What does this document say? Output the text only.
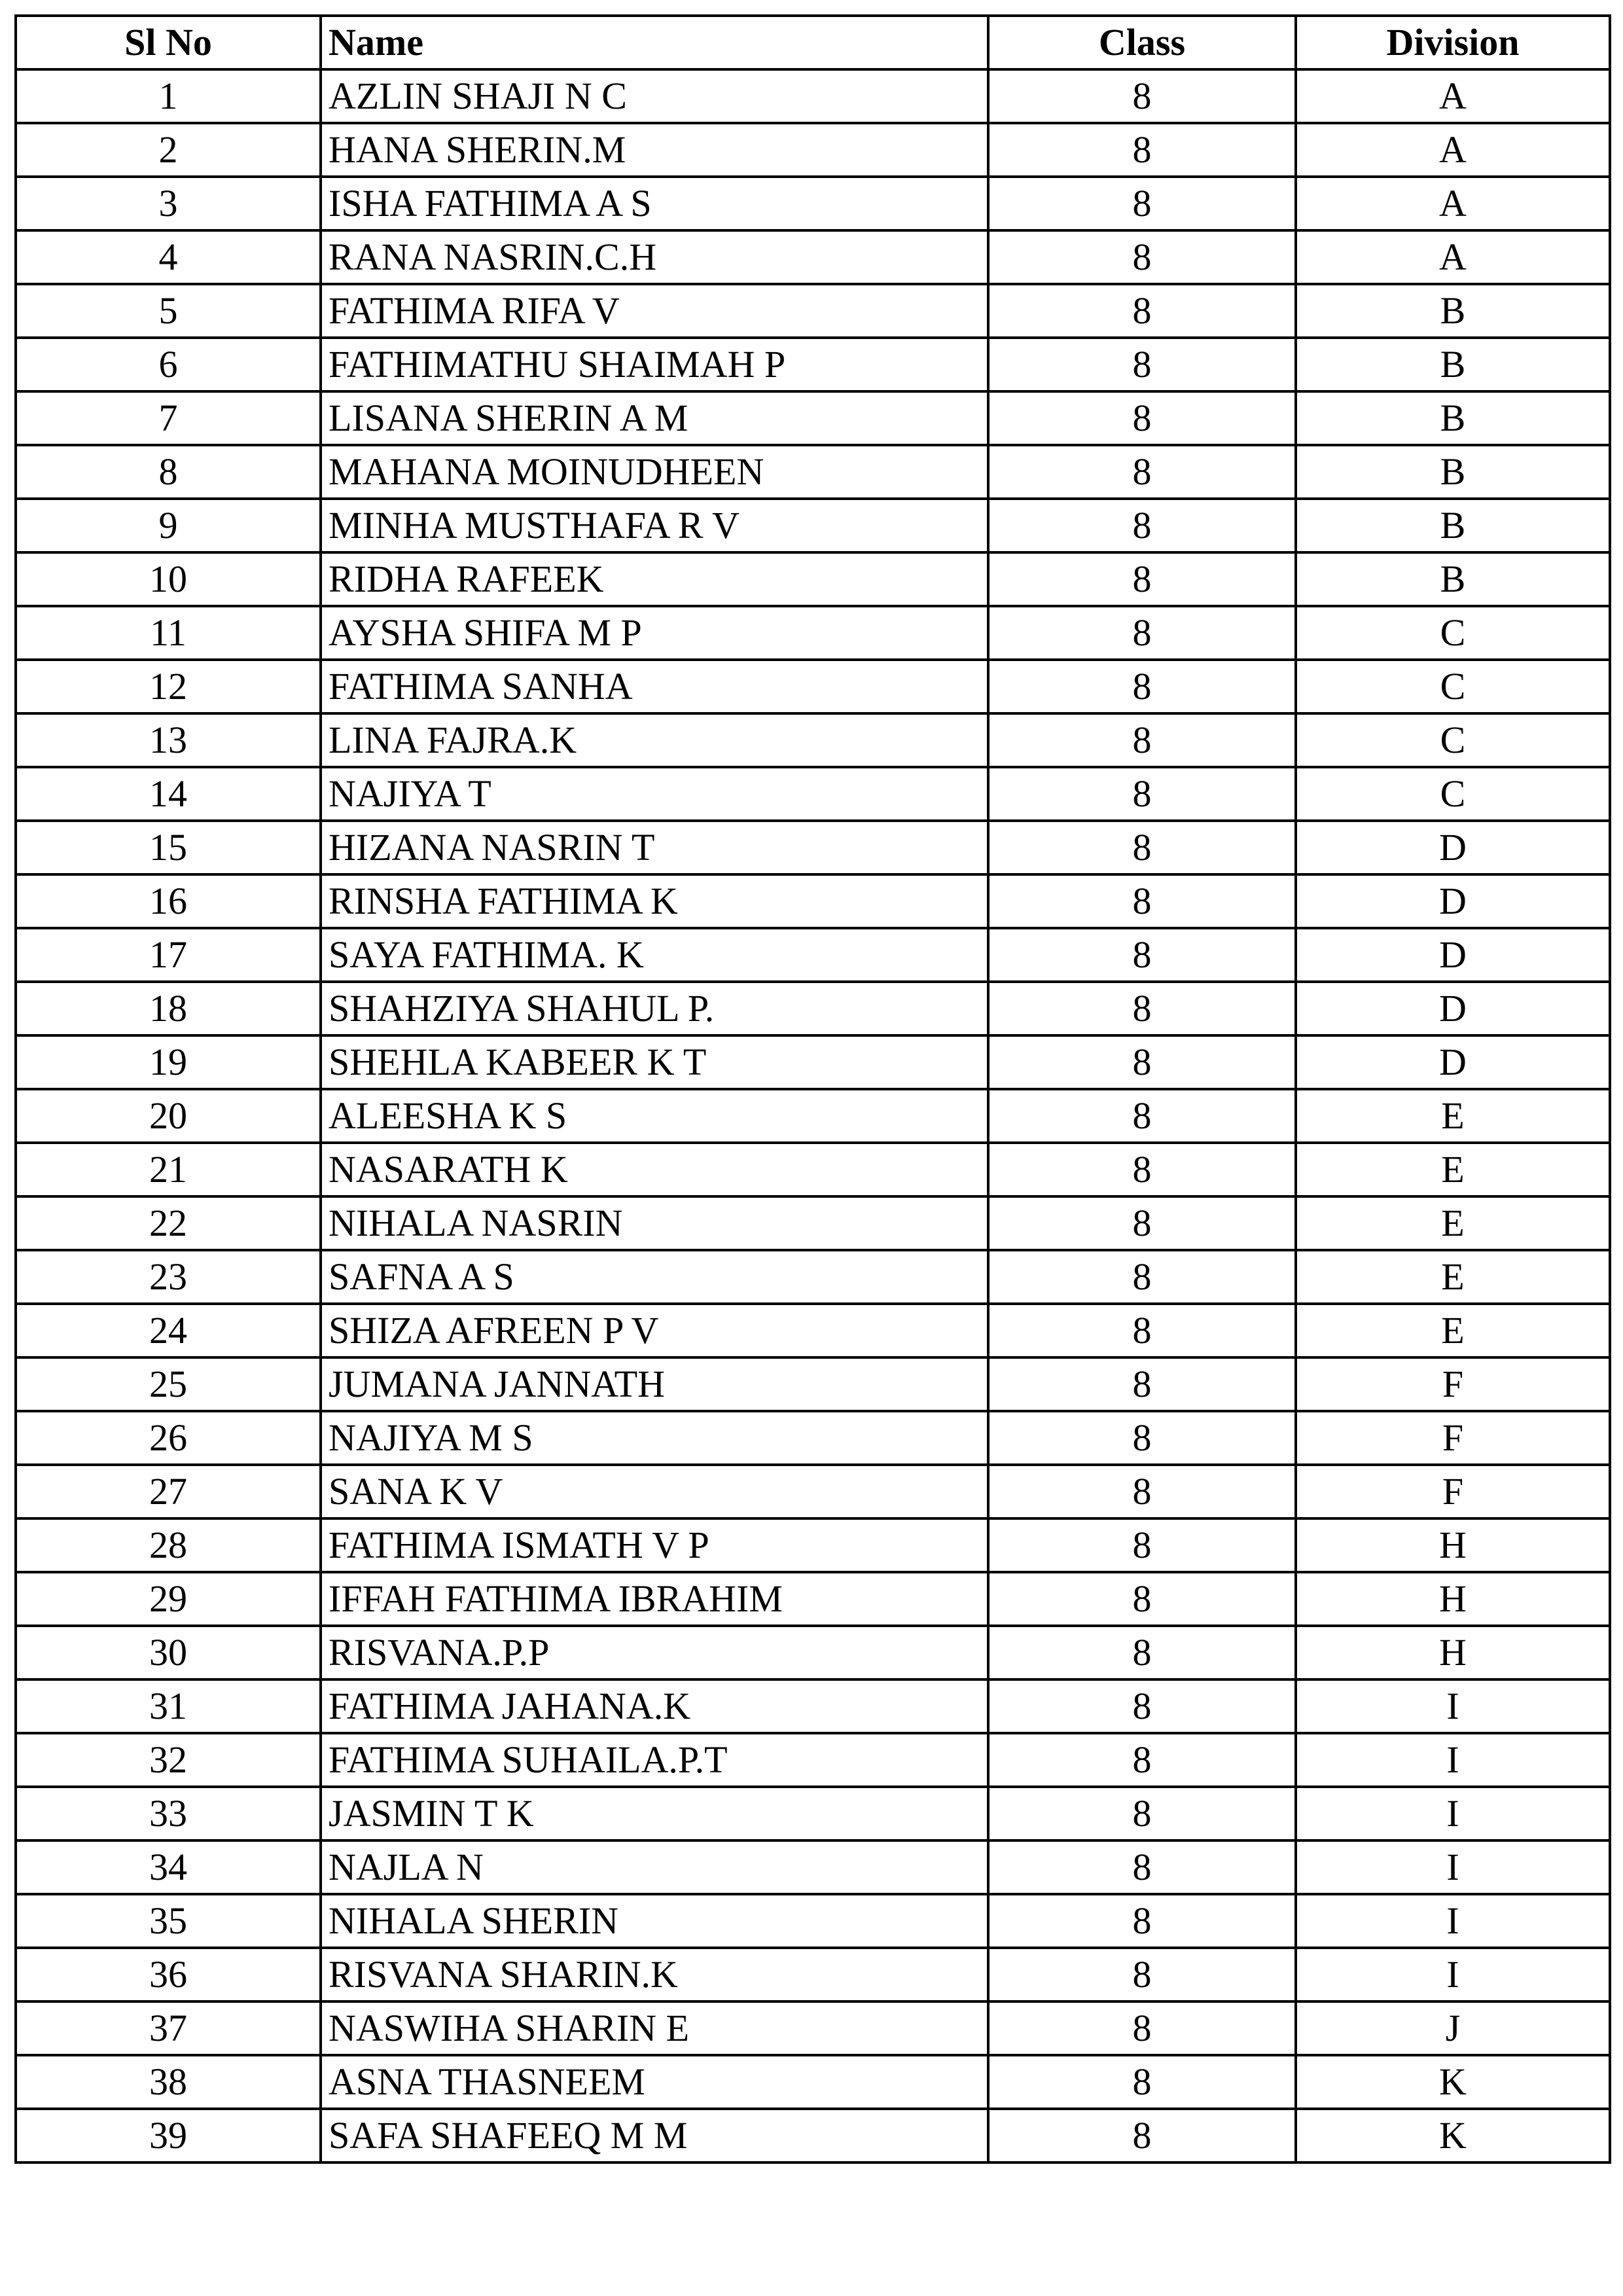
Sl No	Name	Class	Division
1	AZLIN SHAJI N C	8	A
2	HANA SHERIN.M	8	A
3	ISHA FATHIMA A S	8	A
4	RANA NASRIN.C.H	8	A
5	FATHIMA RIFA V	8	B
6	FATHIMATHU SHAIMAH P	8	B
7	LISANA SHERIN A M	8	B
8	MAHANA MOINUDHEEN	8	B
9	MINHA MUSTHAFA R V	8	B
10	RIDHA RAFEEK	8	B
11	AYSHA SHIFA M P	8	C
12	FATHIMA SANHA	8	C
13	LINA FAJRA.K	8	C
14	NAJIYA T	8	C
15	HIZANA NASRIN T	8	D
16	RINSHA FATHIMA K	8	D
17	SAYA FATHIMA. K	8	D
18	SHAHZIYA SHAHUL P.	8	D
19	SHEHLA KABEER K T	8	D
20	ALEESHA K S	8	E
21	NASARATH K	8	E
22	NIHALA NASRIN	8	E
23	SAFNA A S	8	E
24	SHIZA AFREEN P V	8	E
25	JUMANA JANNATH	8	F
26	NAJIYA M S	8	F
27	SANA K V	8	F
28	FATHIMA ISMATH V P	8	H
29	IFFAH FATHIMA IBRAHIM	8	H
30	RISVANA.P.P	8	H
31	FATHIMA JAHANA.K	8	I
32	FATHIMA SUHAILA.P.T	8	I
33	JASMIN T K	8	I
34	NAJLA N	8	I
35	NIHALA SHERIN	8	I
36	RISVANA SHARIN.K	8	I
37	NASWIHA SHARIN E	8	J
38	ASNA THASNEEM	8	K
39	SAFA SHAFEEQ M M	8	K
